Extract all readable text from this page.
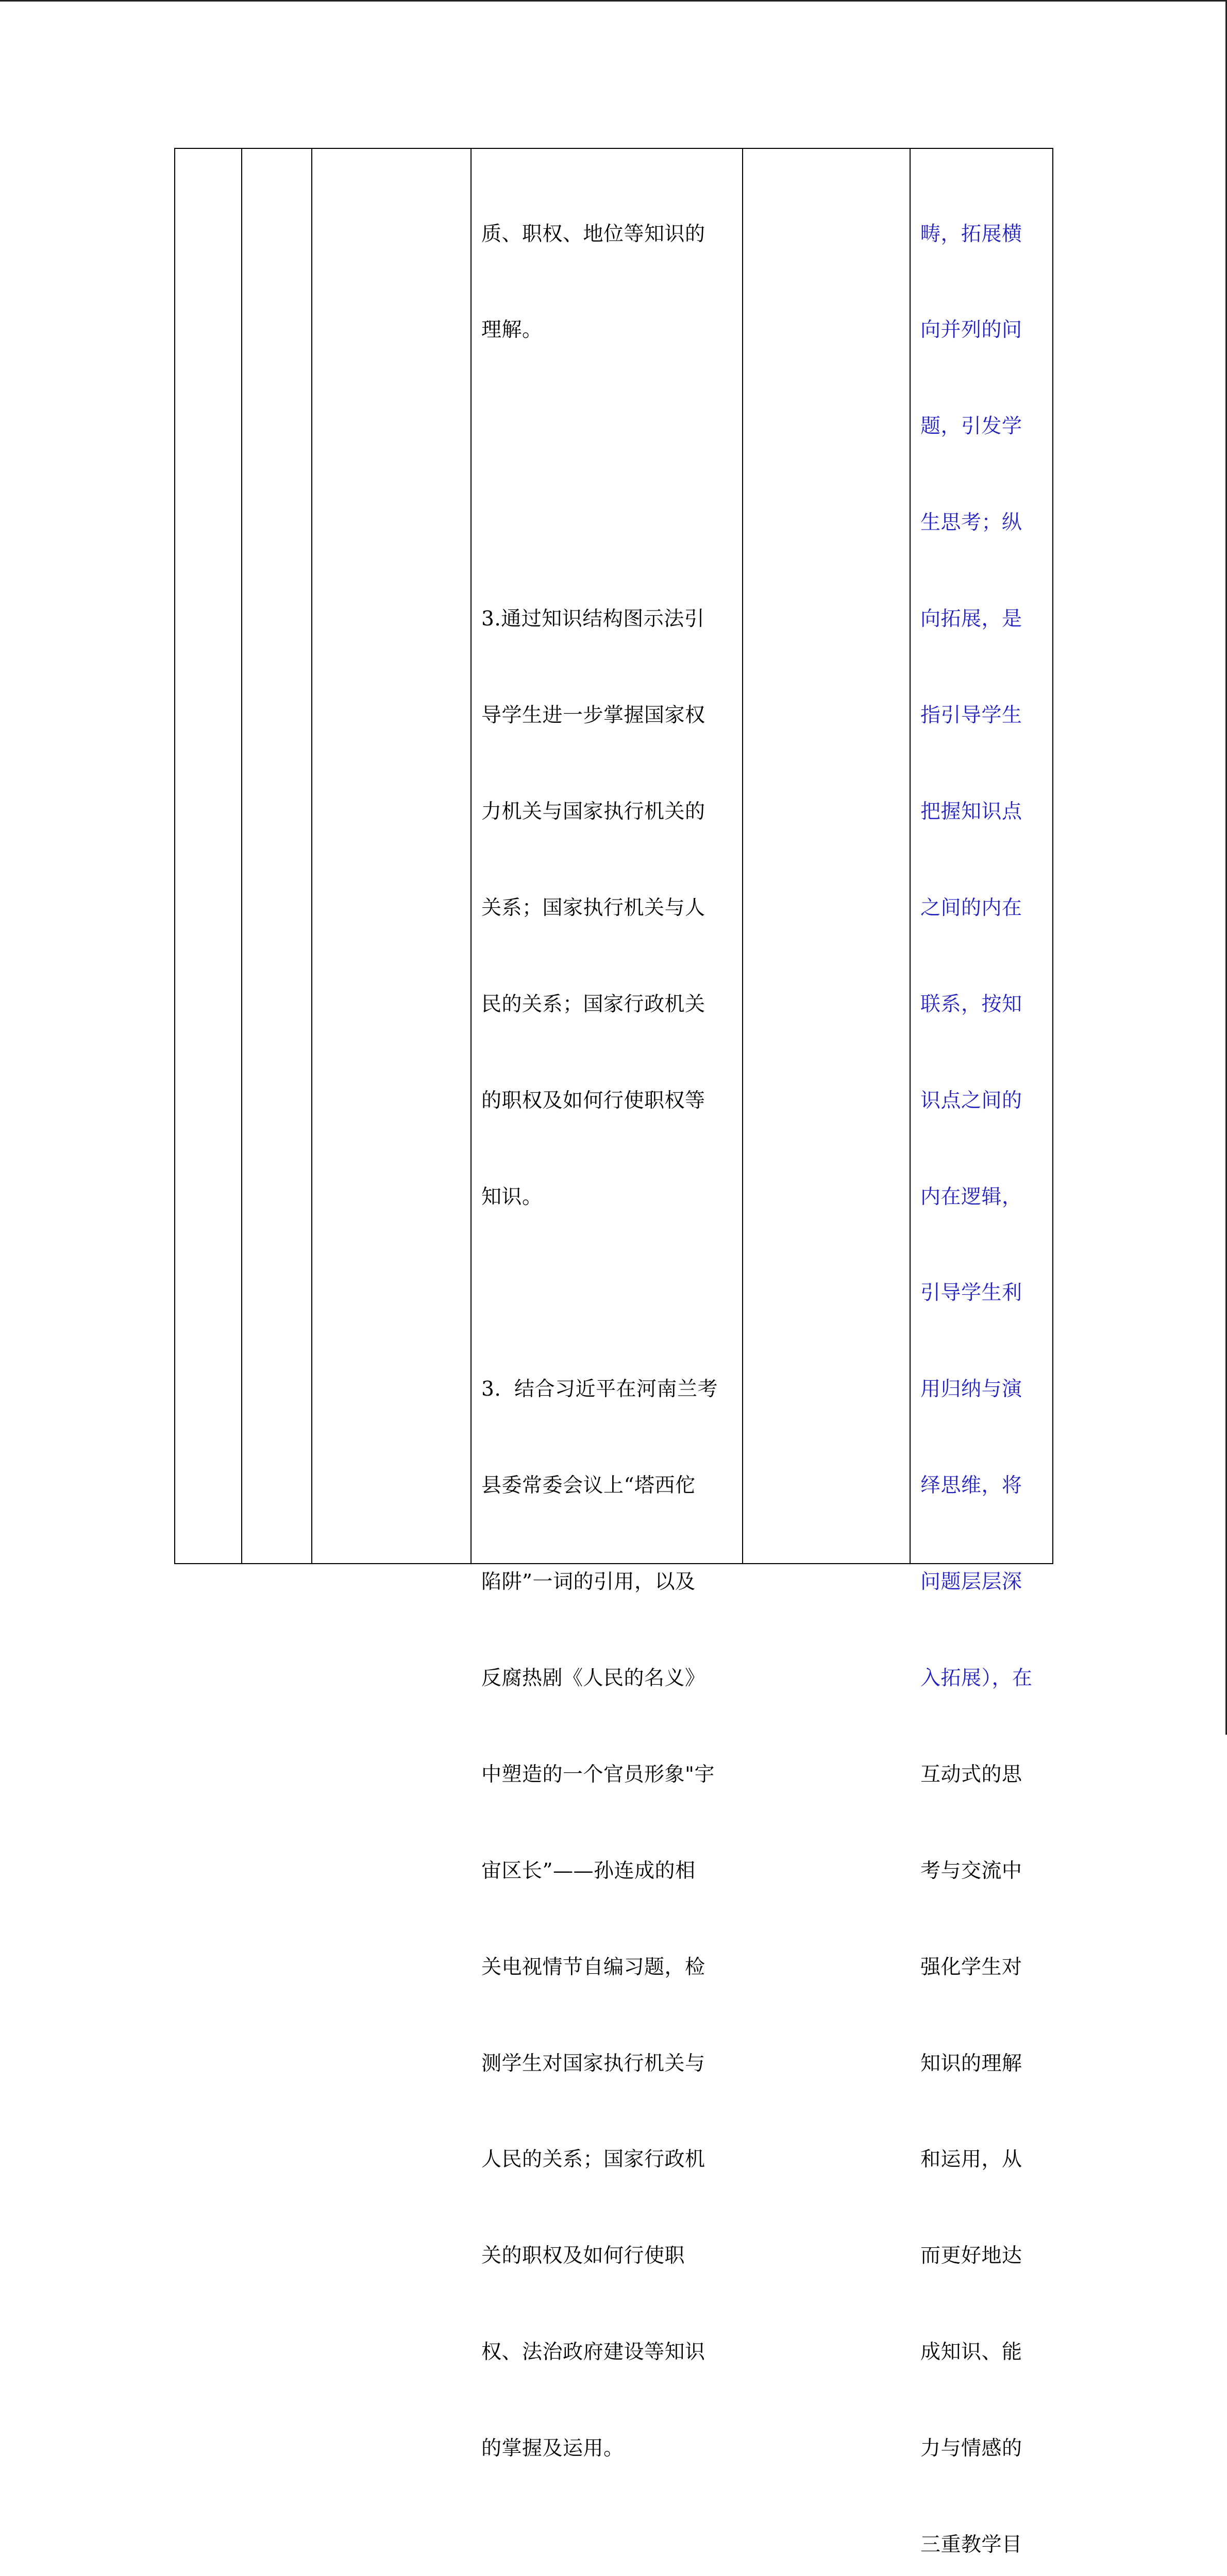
质、职权、地位等知识的

理解。

3.通过知识结构图示法引

导学生进一步掌握国家权

力机关与国家执行机关的

关系；国家执行机关与人

民的关系；国家行政机关

的职权及如何行使职权等

知识。

3.  结合习近平在河南兰考

县委常委会议上“塔西佗

陷阱”一词的引用，以及

反腐热剧《人民的名义》

中塑造的一个官员形象"宇

宙区长”——孙连成的相

关电视情节自编习题，检

测学生对国家执行机关与

人民的关系；国家行政机

关的职权及如何行使职

权、法治政府建设等知识

的掌握及运用。

畴，拓展横

向并列的问

题，引发学

生思考；纵

向拓展，是

指引导学生

把握知识点

之间的内在

联系，按知

识点之间的

内在逻辑，

引导学生利

用归纳与演

绎思维，将

问题层层深

入拓展），在

互动式的思

考与交流中

强化学生对

知识的理解

和运用，从

而更好地达

成知识、能

力与情感的

三重教学目
